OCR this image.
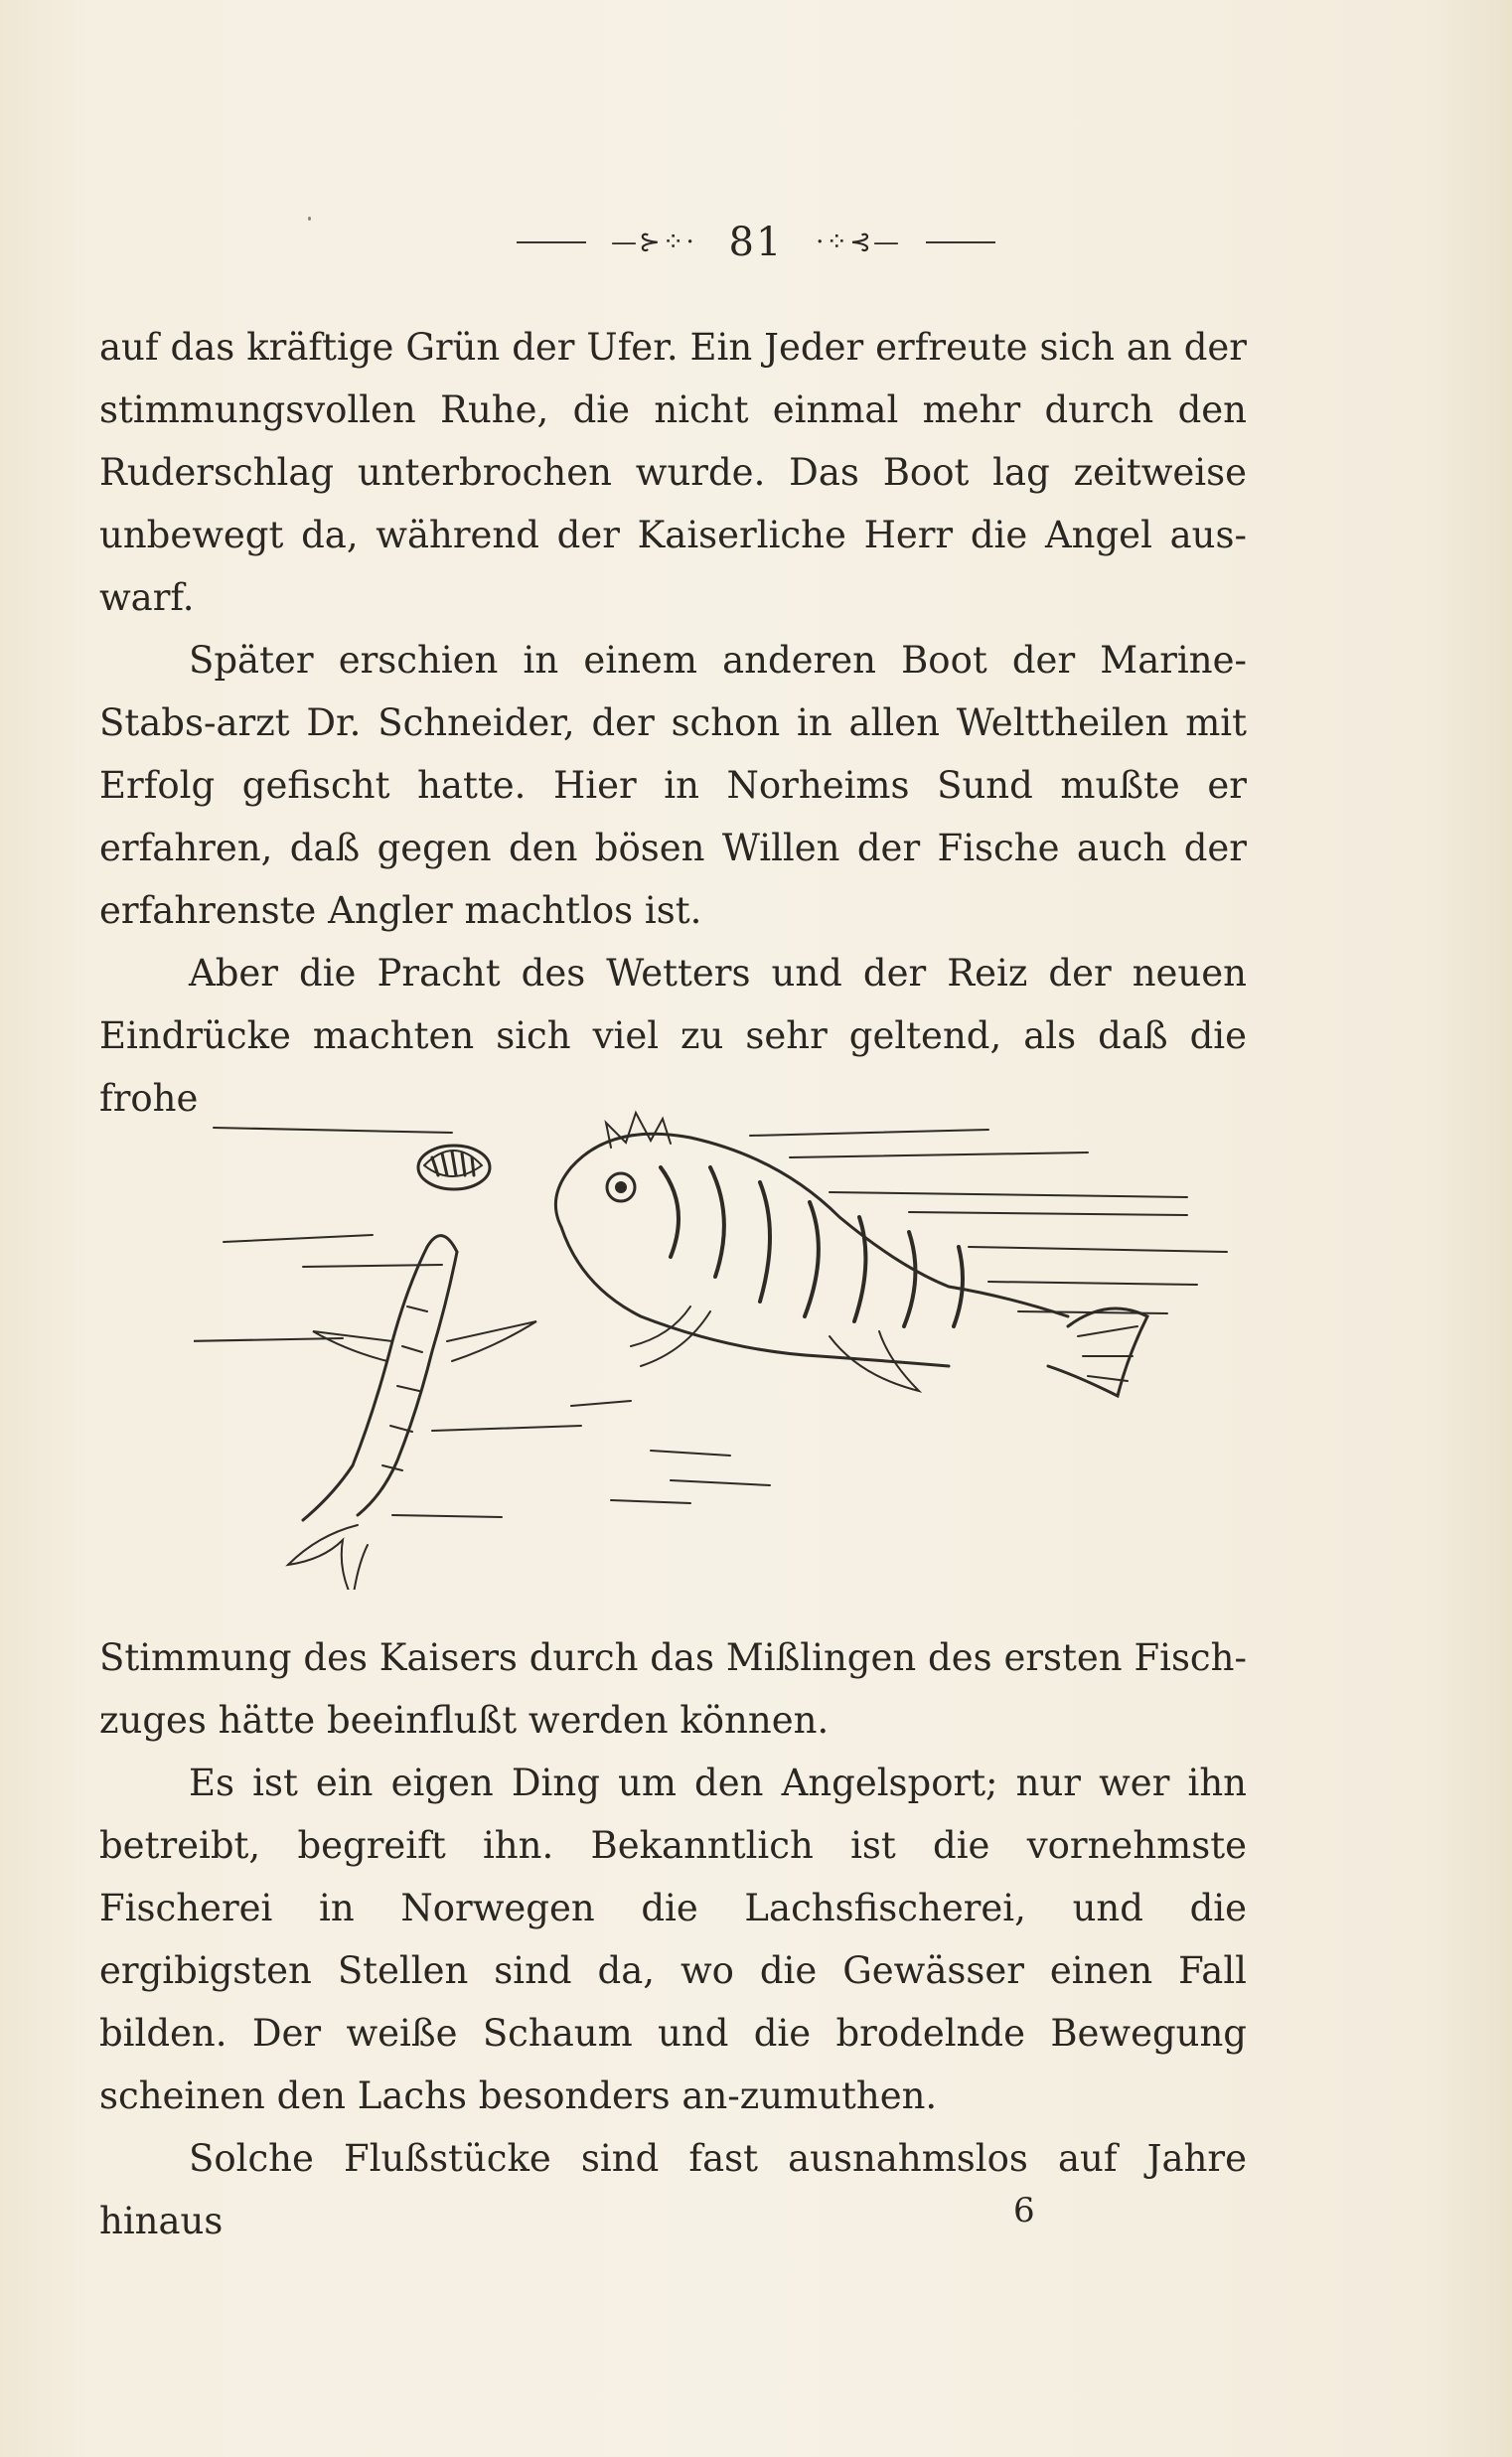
—⊱⁘· 81 ·⁘⊰—

auf das kräftige Grün der Ufer. Ein Jeder erfreute sich an der stimmungsvollen Ruhe, die nicht einmal mehr durch den Ruderschlag unterbrochen wurde. Das Boot lag zeitweise unbewegt da, während der Kaiserliche Herr die Angel aus-warf.

Später erschien in einem anderen Boot der Marine-Stabs-arzt Dr. Schneider, der schon in allen Welttheilen mit Erfolg gefischt hatte. Hier in Norheims Sund mußte er erfahren, daß gegen den bösen Willen der Fische auch der erfahrenste Angler machtlos ist.

Aber die Pracht des Wetters und der Reiz der neuen Eindrücke machten sich viel zu sehr geltend, als daß die frohe

Stimmung des Kaisers durch das Mißlingen des ersten Fisch-zuges hätte beeinflußt werden können.

Es ist ein eigen Ding um den Angelsport; nur wer ihn betreibt, begreift ihn. Bekanntlich ist die vornehmste Fischerei in Norwegen die Lachsfischerei, und die ergibigsten Stellen sind da, wo die Gewässer einen Fall bilden. Der weiße Schaum und die brodelnde Bewegung scheinen den Lachs besonders an-zumuthen.

Solche Flußstücke sind fast ausnahmslos auf Jahre hinaus	6
